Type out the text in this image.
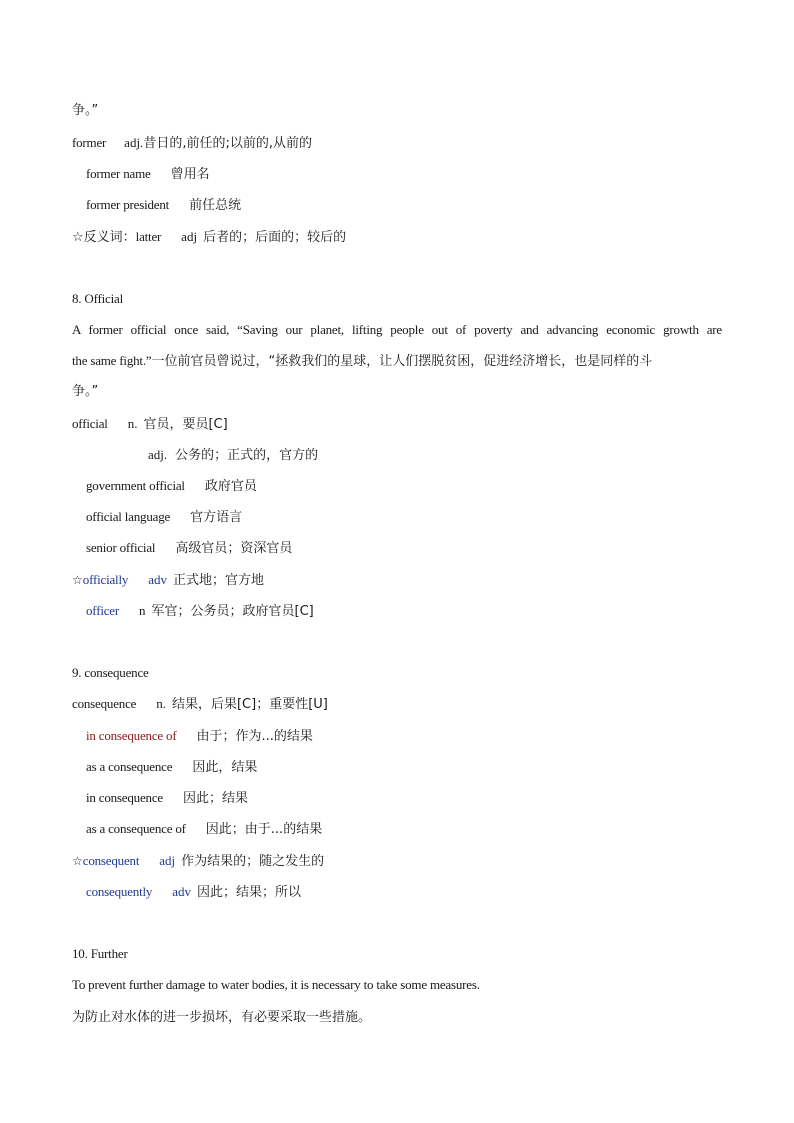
争。”
former adj.昔日的,前任的;以前的,从前的
former name 曾用名
former president 前任总统
☆反义词：latter adj 后者的；后面的；较后的
8. Official
A former official once said, “Saving our planet, lifting people out of poverty and advancing economic growth are
the same fight.”一位前官员曾说过，“拯救我们的星球，让人们摆脱贫困，促进经济增长，也是同样的斗
争。”
official n. 官员，要员[C]
adj. 公务的；正式的，官方的
government official 政府官员
official language 官方语言
senior official 高级官员；资深官员
☆officially adv 正式地；官方地
officer n 军官；公务员；政府官员[C]
9. consequence
consequence n. 结果，后果[C]；重要性[U]
in consequence of 由于；作为...的结果
as a consequence 因此，结果
in consequence 因此；结果
as a consequence of 因此；由于...的结果
☆consequent adj 作为结果的；随之发生的
consequently adv 因此；结果；所以
10. Further
To prevent further damage to water bodies, it is necessary to take some measures.
为防止对水体的进一步损坏，有必要采取一些措施。
